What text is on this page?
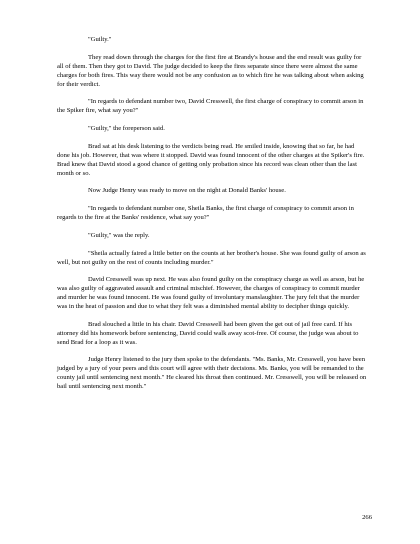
"Guilty."

They read down through the charges for the first fire at Brandy's house and the end result was guilty for all of them. Then they got to David. The judge decided to keep the fires separate since there were almost the same charges for both fires. This way there would not be any confusion as to which fire he was talking about when asking for their verdict.

"In regards to defendant number two, David Cresswell, the first charge of conspiracy to commit arson in the Spiker fire, what say you?"

"Guilty," the foreperson said.

Brad sat at his desk listening to the verdicts being read. He smiled inside, knowing that so far, he had done his job. However, that was where it stopped. David was found innocent of the other charges at the Spiker's fire. Brad knew that David stood a good chance of getting only probation since his record was clean other than the last month or so.

Now Judge Henry was ready to move on the night at Donald Banks' house.

"In regards to defendant number one, Sheila Banks, the first charge of conspiracy to commit arson in regards to the fire at the Banks' residence, what say you?"

"Guilty," was the reply.

"Sheila actually faired a little better on the counts at her brother's house. She was found guilty of arson as well, but not guilty on the rest of counts including murder."

David Cresswell was up next. He was also found guilty on the conspiracy charge as well as arson, but he was also guilty of aggravated assault and criminal mischief. However, the charges of conspiracy to commit murder and murder he was found innocent. He was found guilty of involuntary manslaughter. The jury felt that the murder was in the heat of passion and due to what they felt was a diminished mental ability to decipher things quickly.

Brad slouched a little in his chair. David Cresswell had been given the get out of jail free card. If his attorney did his homework before sentencing, David could walk away scot-free. Of course, the judge was about to send Brad for a loop as it was.

Judge Henry listened to the jury then spoke to the defendants. "Ms. Banks, Mr. Cresswell, you have been judged by a jury of your peers and this court will agree with their decisions. Ms. Banks, you will be remanded to the county jail until sentencing next month." He cleared his throat then continued. Mr. Cresswell, you will be released on bail until sentencing next month."

266
